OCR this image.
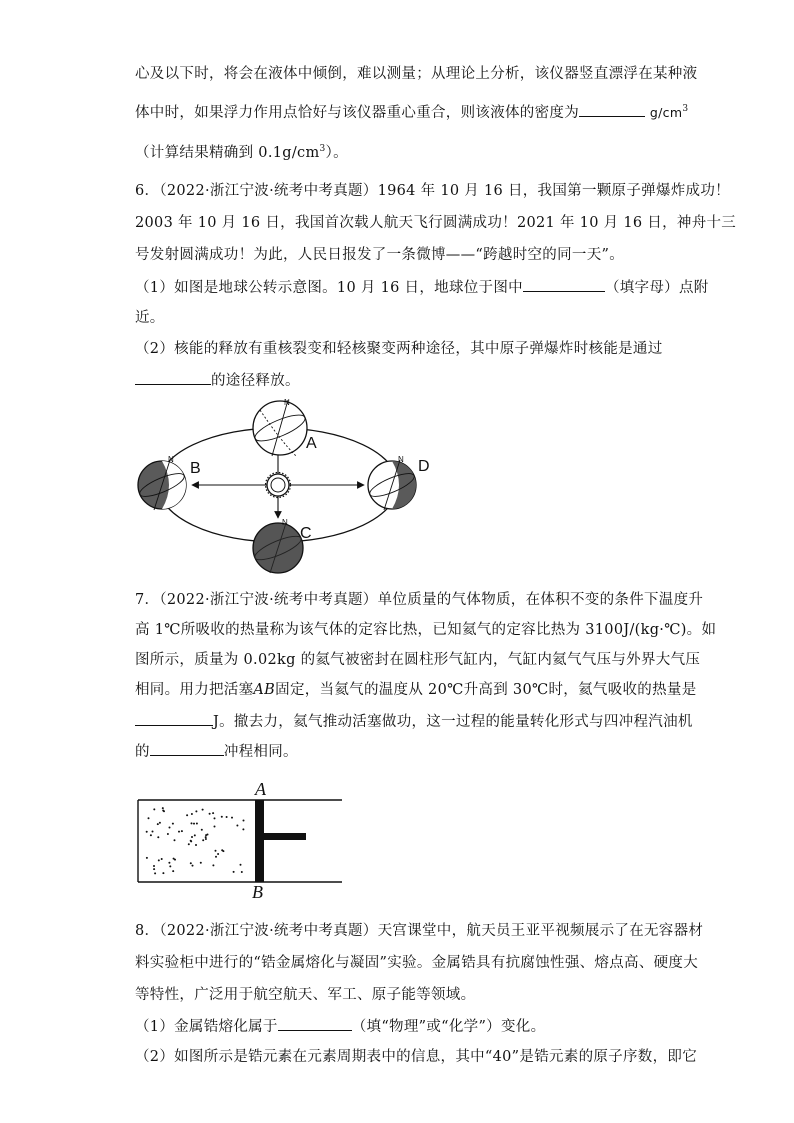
心及以下时，将会在液体中倾倒，难以测量；从理论上分析，该仪器竖直漂浮在某种液
体中时，如果浮力作用点恰好与该仪器重心重合，则该液体的密度为	$g/cm^3$
（计算结果精确到 $0.1g/cm^3$）。
6．（2022·浙江宁波·统考中考真题）1964 年 10 月 16 日，我国第一颗原子弹爆炸成功！
2003 年 10 月 16 日，我国首次载人航天飞行圆满成功！2021 年 10 月 16 日，神舟十三
号发射圆满成功！为此，人民日报发了一条微博——“跨越时空的同一天”。
（1）如图是地球公转示意图。10 月 16 日，地球位于图中	（填字母）点附
近。
（2）核能的释放有重核裂变和轻核聚变两种途径，其中原子弹爆炸时核能是通过
的途径释放。
N
N
N
N
A
B
C
D
7．（2022·浙江宁波·统考中考真题）单位质量的气体物质，在体积不变的条件下温度升
高 1℃所吸收的热量称为该气体的定容比热，已知氦气的定容比热为 3100J/(kg·℃)。如
图所示，质量为 0.02kg 的氦气被密封在圆柱形气缸内，气缸内氦气气压与外界大气压
相同。用力把活塞AB固定，当氦气的温度从 20℃升高到 30℃时，氦气吸收的热量是
J。撤去力，氦气推动活塞做功，这一过程的能量转化形式与四冲程汽油机
的	冲程相同。
A
B
8．（2022·浙江宁波·统考中考真题）天宫课堂中，航天员王亚平视频展示了在无容器材
料实验柜中进行的“锆金属熔化与凝固”实验。金属锆具有抗腐蚀性强、熔点高、硬度大
等特性，广泛用于航空航天、军工、原子能等领域。
（1）金属锆熔化属于	（填“物理”或“化学”）变化。
（2）如图所示是锆元素在元素周期表中的信息，其中“40”是锆元素的原子序数，即它
